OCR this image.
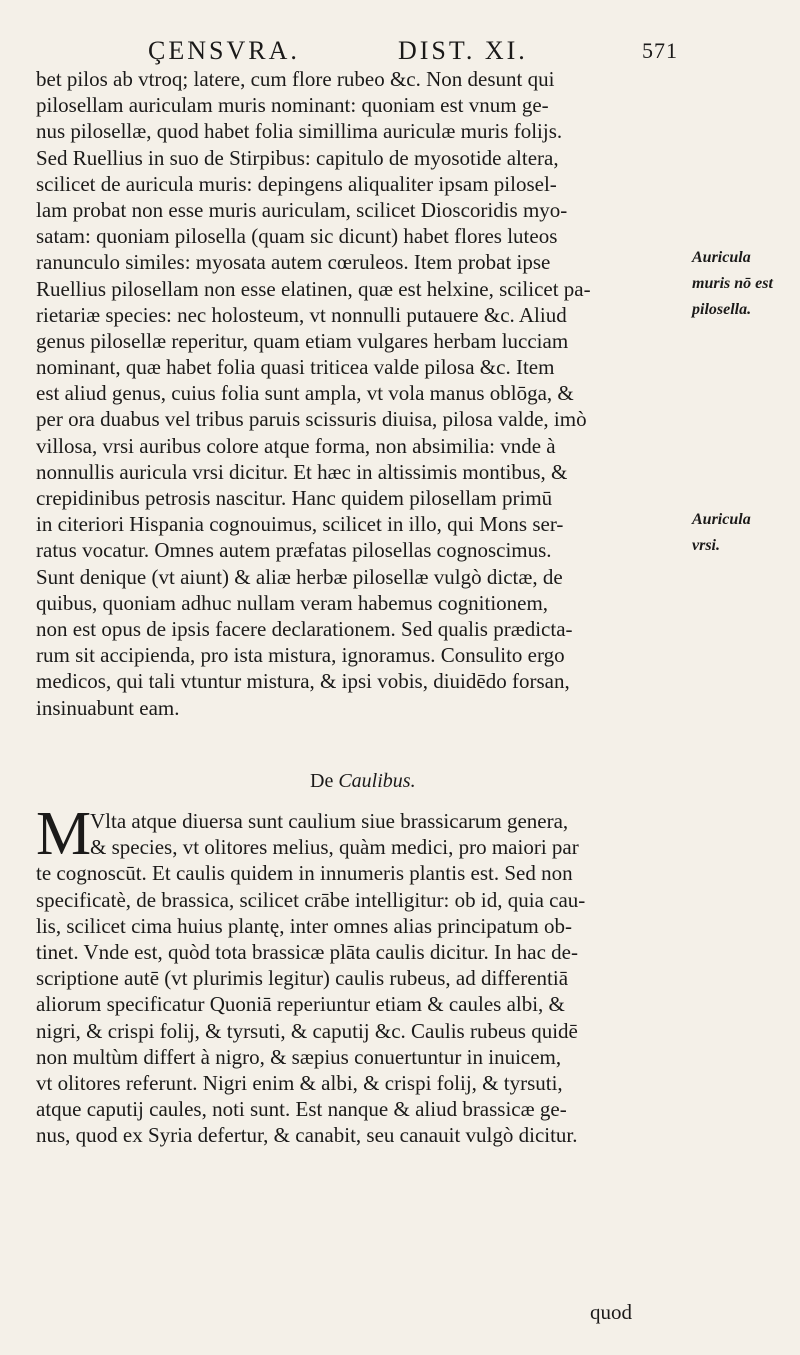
ÇENSVRA.	DIST. XI.	571
bet pilos ab vtroq; latere, cum flore rubeo &c. Non desunt qui
pilosellam auriculam muris nominant: quoniam est vnum ge-
nus pilosellæ, quod habet folia simillima auriculæ muris folijs.
Sed Ruellius in suo de Stirpibus: capitulo de myosotide altera,
scilicet de auricula muris: depingens aliqualiter ipsam pilosel-
lam probat non esse muris auriculam, scilicet Dioscoridis myo-
satam: quoniam pilosella (quam sic dicunt) habet flores luteos
ranunculo similes: myosata autem cœruleos. Item probat ipse
Ruellius pilosellam non esse elatinen, quæ est helxine, scilicet pa-
rietariæ species: nec holosteum, vt nonnulli putauere &c. Aliud
genus pilosellæ reperitur, quam etiam vulgares herbam lucciam
nominant, quæ habet folia quasi triticea valde pilosa &c. Item
est aliud genus, cuius folia sunt ampla, vt vola manus oblōga, &
per ora duabus vel tribus paruis scissuris diuisa, pilosa valde, imò
villosa, vrsi auribus colore atque forma, non absimilia: vnde à
nonnullis auricula vrsi dicitur. Et hæc in altissimis montibus, &
crepidinibus petrosis nascitur. Hanc quidem pilosellam primū
in citeriori Hispania cognouimus, scilicet in illo, qui Mons ser-
ratus vocatur. Omnes autem præfatas pilosellas cognoscimus.
Sunt denique (vt aiunt) & aliæ herbæ pilosellæ vulgò dictæ, de
quibus, quoniam adhuc nullam veram habemus cognitionem,
non est opus de ipsis facere declarationem. Sed qualis prædicta-
rum sit accipienda, pro ista mistura, ignoramus. Consulito ergo
medicos, qui tali vtuntur mistura, & ipsi vobis, diuidēdo forsan,
insinuabunt eam.
Auricula
muris nō est
pilosella.
Auricula
vrsi.
De Caulibus.
M
Vlta atque diuersa sunt caulium siue brassicarum genera,
& species, vt olitores melius, quàm medici, pro maiori par
te cognoscūt. Et caulis quidem in innumeris plantis est. Sed non
specificatè, de brassica, scilicet crābe intelligitur: ob id, quia cau-
lis, scilicet cima huius plantę, inter omnes alias principatum ob-
tinet. Vnde est, quòd tota brassicæ plāta caulis dicitur. In hac de-
scriptione autē (vt plurimis legitur) caulis rubeus, ad differentiā
aliorum specificatur Quoniā reperiuntur etiam & caules albi, &
nigri, & crispi folij, & tyrsuti, & caputij &c. Caulis rubeus quidē
non multùm differt à nigro, & sæpius conuertuntur in inuicem,
vt olitores referunt. Nigri enim & albi, & crispi folij, & tyrsuti,
atque caputij caules, noti sunt. Est nanque & aliud brassicæ ge-
nus, quod ex Syria defertur, & canabit, seu canauit vulgò dicitur.
quod
